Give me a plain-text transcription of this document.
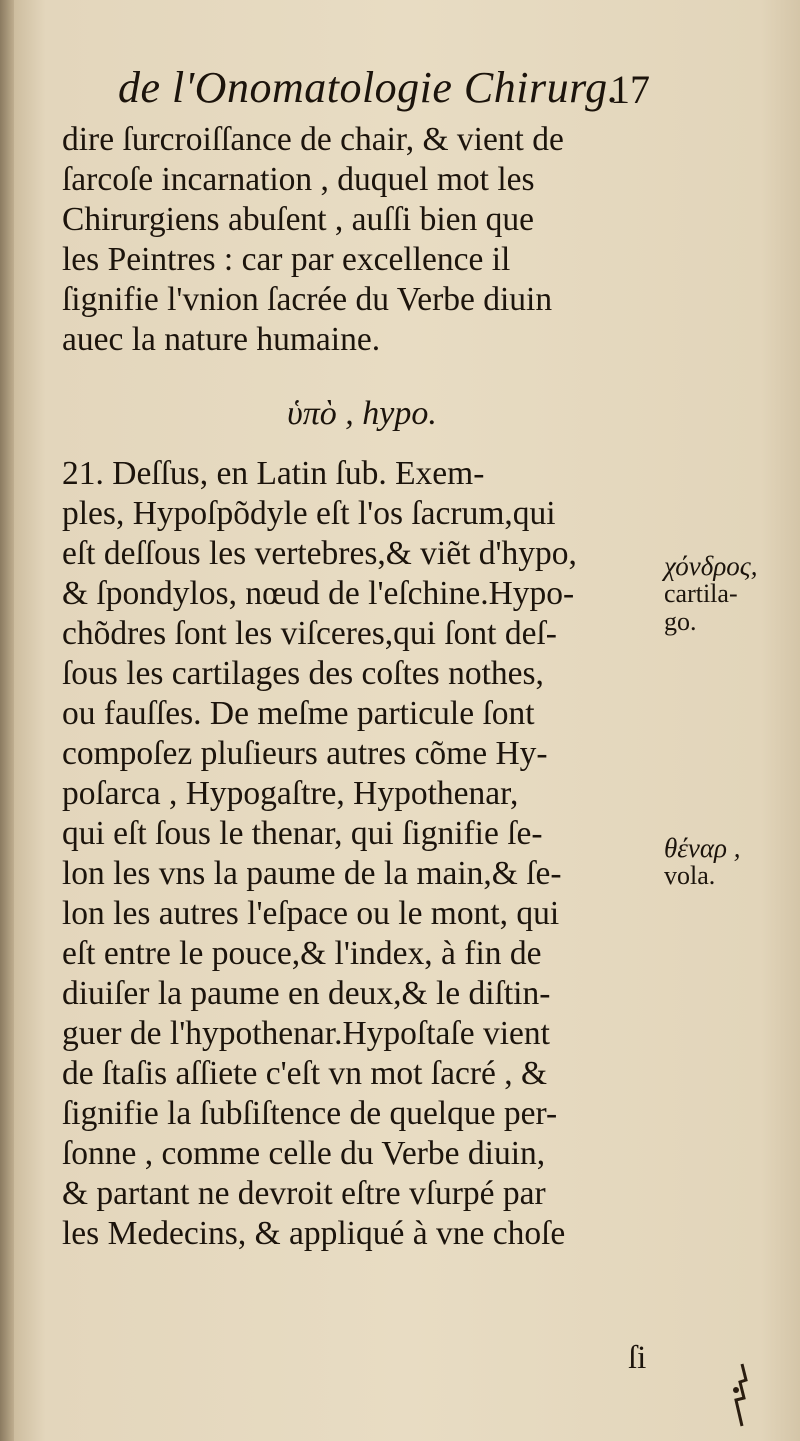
de l'Onomatologie Chirurg.
17
dire ſurcroiſſance de chair, & vient de
ſarcoſe incarnation , duquel mot les
Chirurgiens abuſent , auſſi bien que
les Peintres : car par excellence il
ſignifie l'vnion ſacrée du Verbe diuin
auec la nature humaine.
ὑπὸ , hypo.
21. Deſſus, en Latin ſub. Exem-
ples, Hypoſpõdyle eſt l'os ſacrum,qui
eſt deſſous les vertebres,& viẽt d'hypo,
& ſpondylos, nœud de l'eſchine.Hypo-
chõdres ſont les viſceres,qui ſont deſ-
ſous les cartilages des coſtes nothes,
ou fauſſes. De meſme particule ſont
compoſez pluſieurs autres cõme Hy-
poſarca , Hypogaſtre, Hypothenar,
qui eſt ſous le thenar, qui ſignifie ſe-
lon les vns la paume de la main,& ſe-
lon les autres l'eſpace ou le mont, qui
eſt entre le pouce,& l'index, à fin de
diuiſer la paume en deux,& le diſtin-
guer de l'hypothenar.Hypoſtaſe vient
de ſtaſis aſſiete c'eſt vn mot ſacré , &
ſignifie la ſubſiſtence de quelque per-
ſonne , comme celle du Verbe diuin,
& partant ne devroit eſtre vſurpé par
les Medecins, & appliqué à vne choſe
χόνδρος,
cartila-
go.
θέναρ ,
vola.
ſi
